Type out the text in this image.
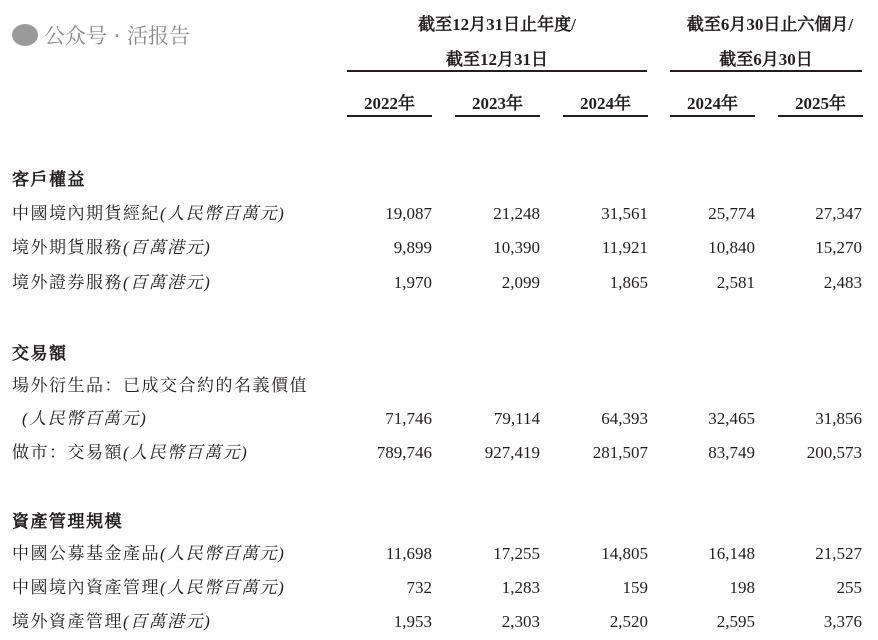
截至12月31日止年度/
截至12月31日
截至6月30日止六個月/
截至6月30日
2022年	2023年	2024年	2024年	2025年
客戶權益
中國境內期貨經紀(人民幣百萬元)	19,087	21,248	31,561	25,774	27,347
境外期貨服務(百萬港元)	9,899	10,390	11,921	10,840	15,270
境外證券服務(百萬港元)	1,970	2,099	1,865	2,581	2,483
交易額
場外衍生品：已成交合約的名義價值
(人民幣百萬元)	71,746	79,114	64,393	32,465	31,856
做市：交易額(人民幣百萬元)	789,746	927,419	281,507	83,749	200,573
資產管理規模
中國公募基金產品(人民幣百萬元)	11,698	17,255	14,805	16,148	21,527
中國境內資產管理(人民幣百萬元)	732	1,283	159	198	255
境外資產管理(百萬港元)	1,953	2,303	2,520	2,595	3,376
公众号 · 活报告
